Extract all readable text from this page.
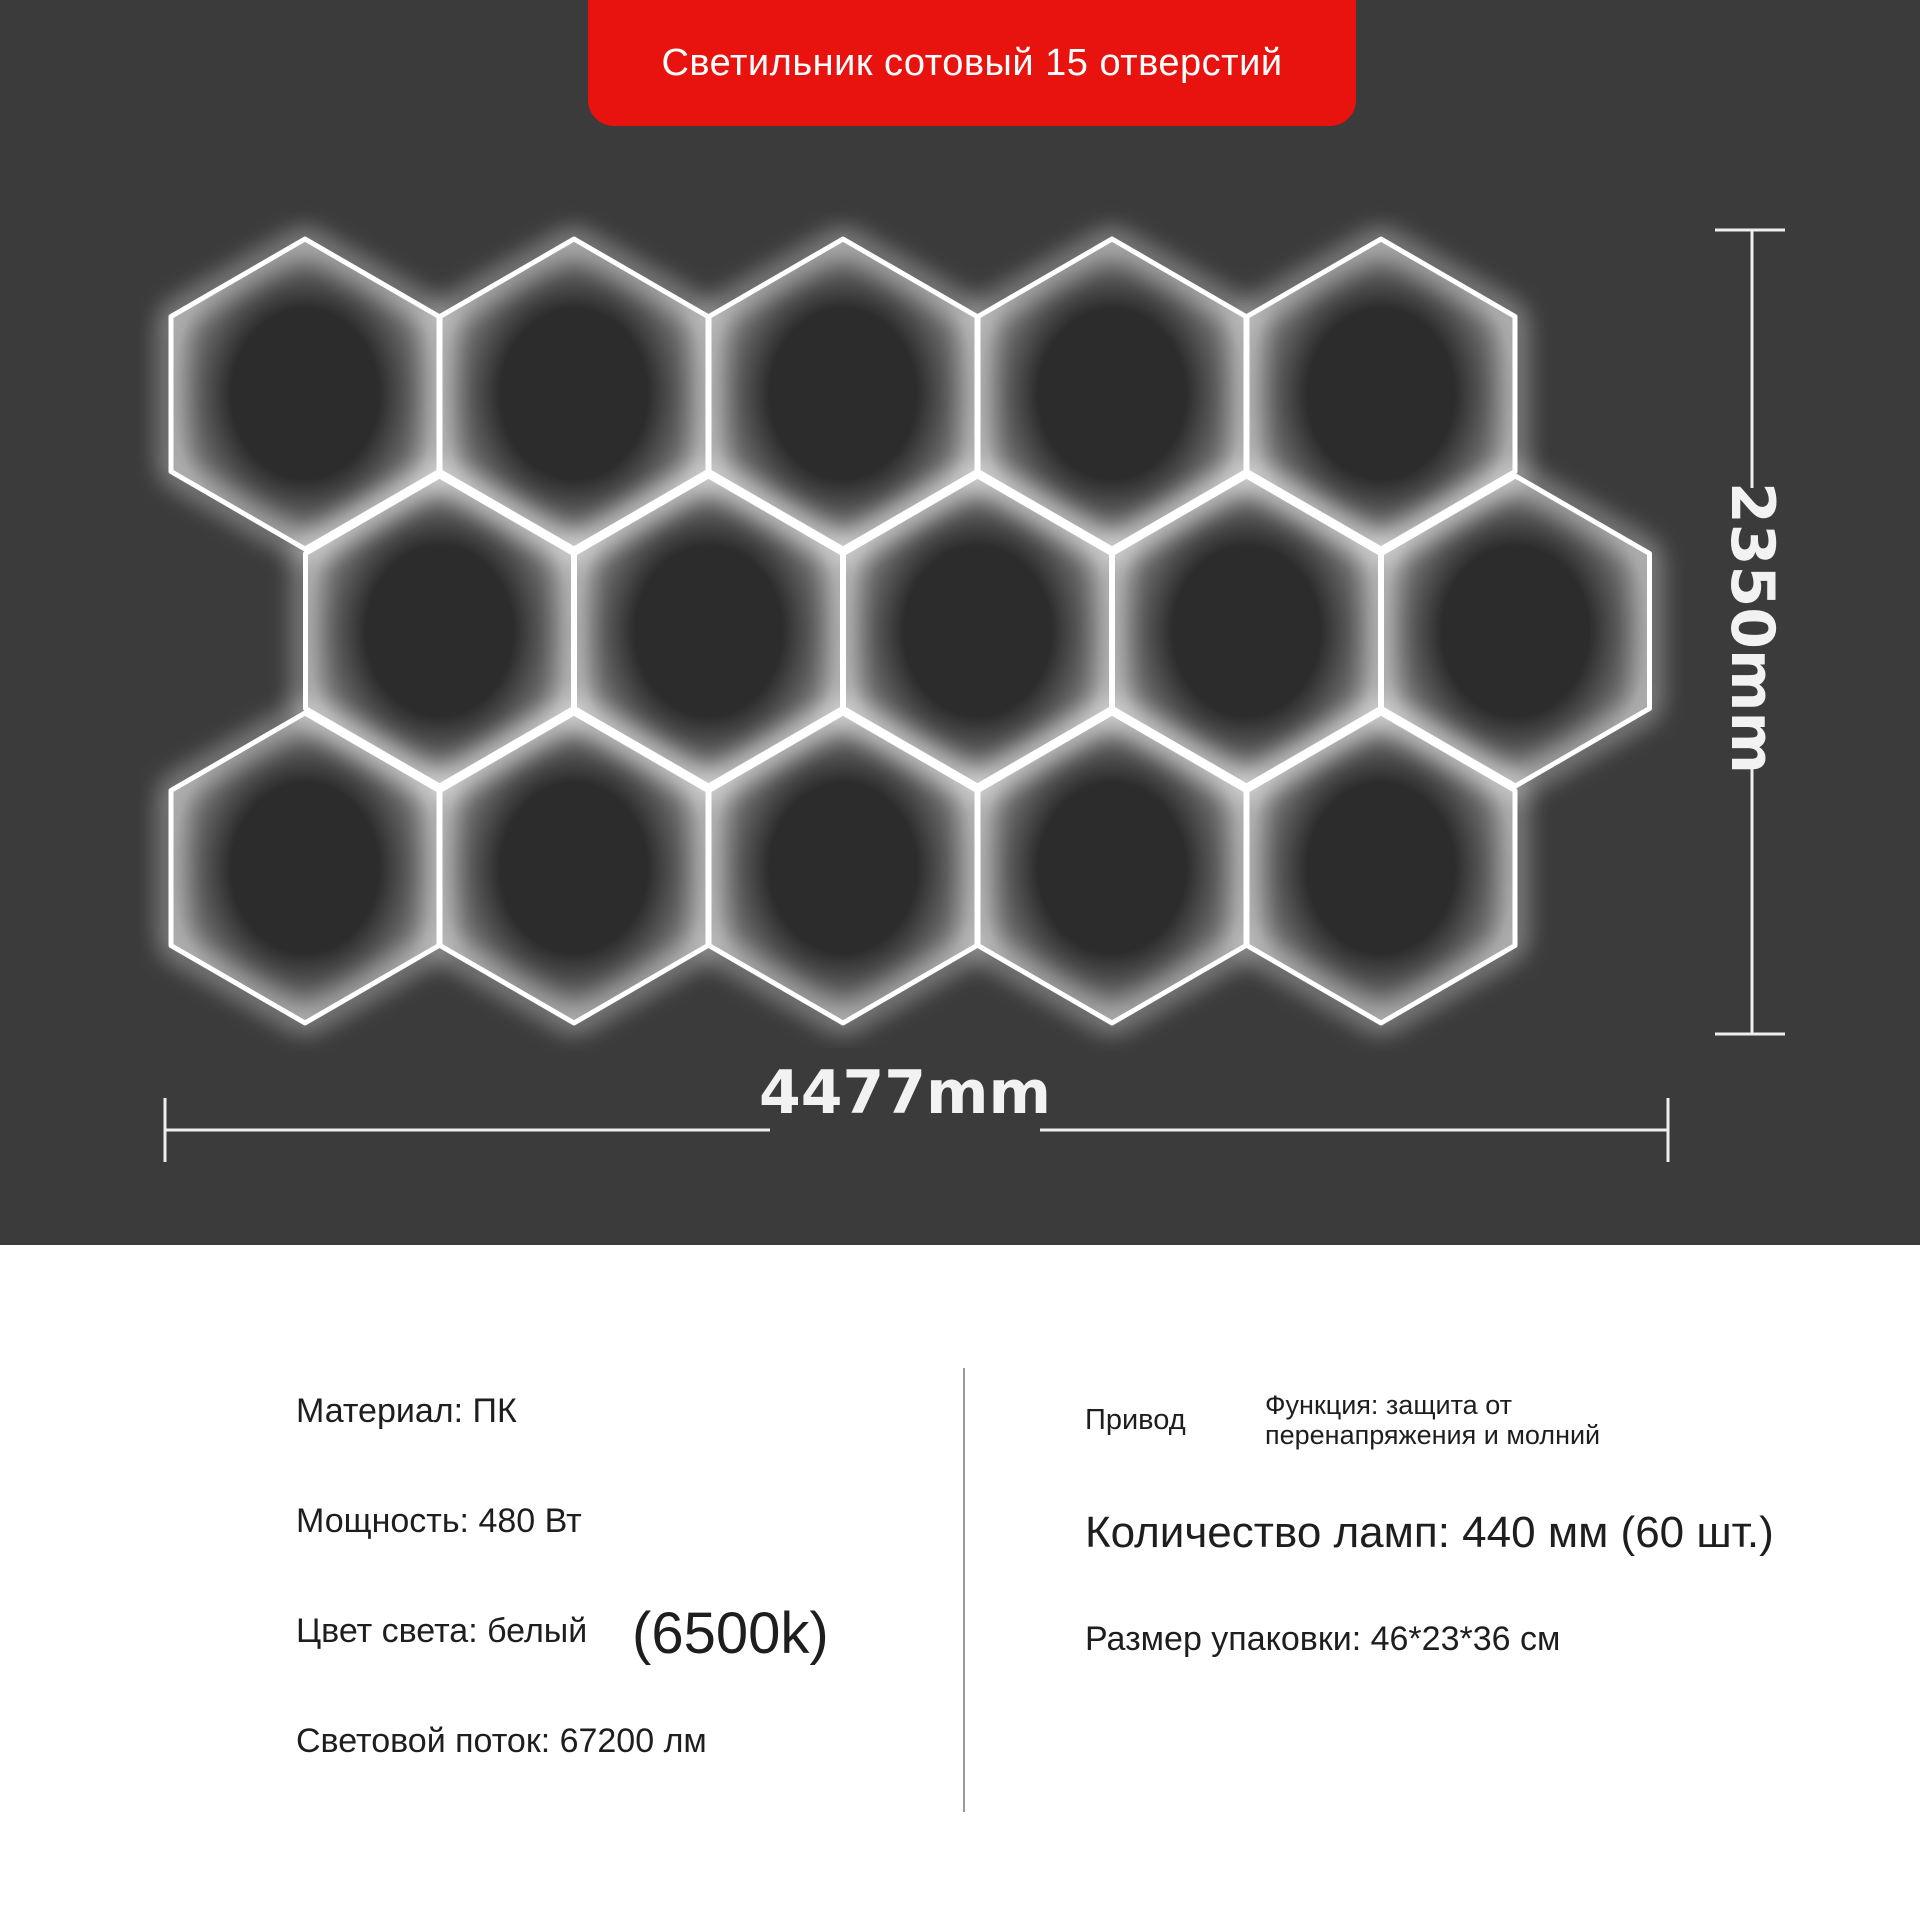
Светильник сотовый 15 отверстий
4477mm
2350mm
Материал: ПК
Мощность: 480 Вт
Цвет света: белый (6500k)
Световой поток: 67200 лм
Привод	Функция: защита от перенапряжения и молний
Количество ламп: 440 мм (60 шт.)
Размер упаковки: 46*23*36 см
